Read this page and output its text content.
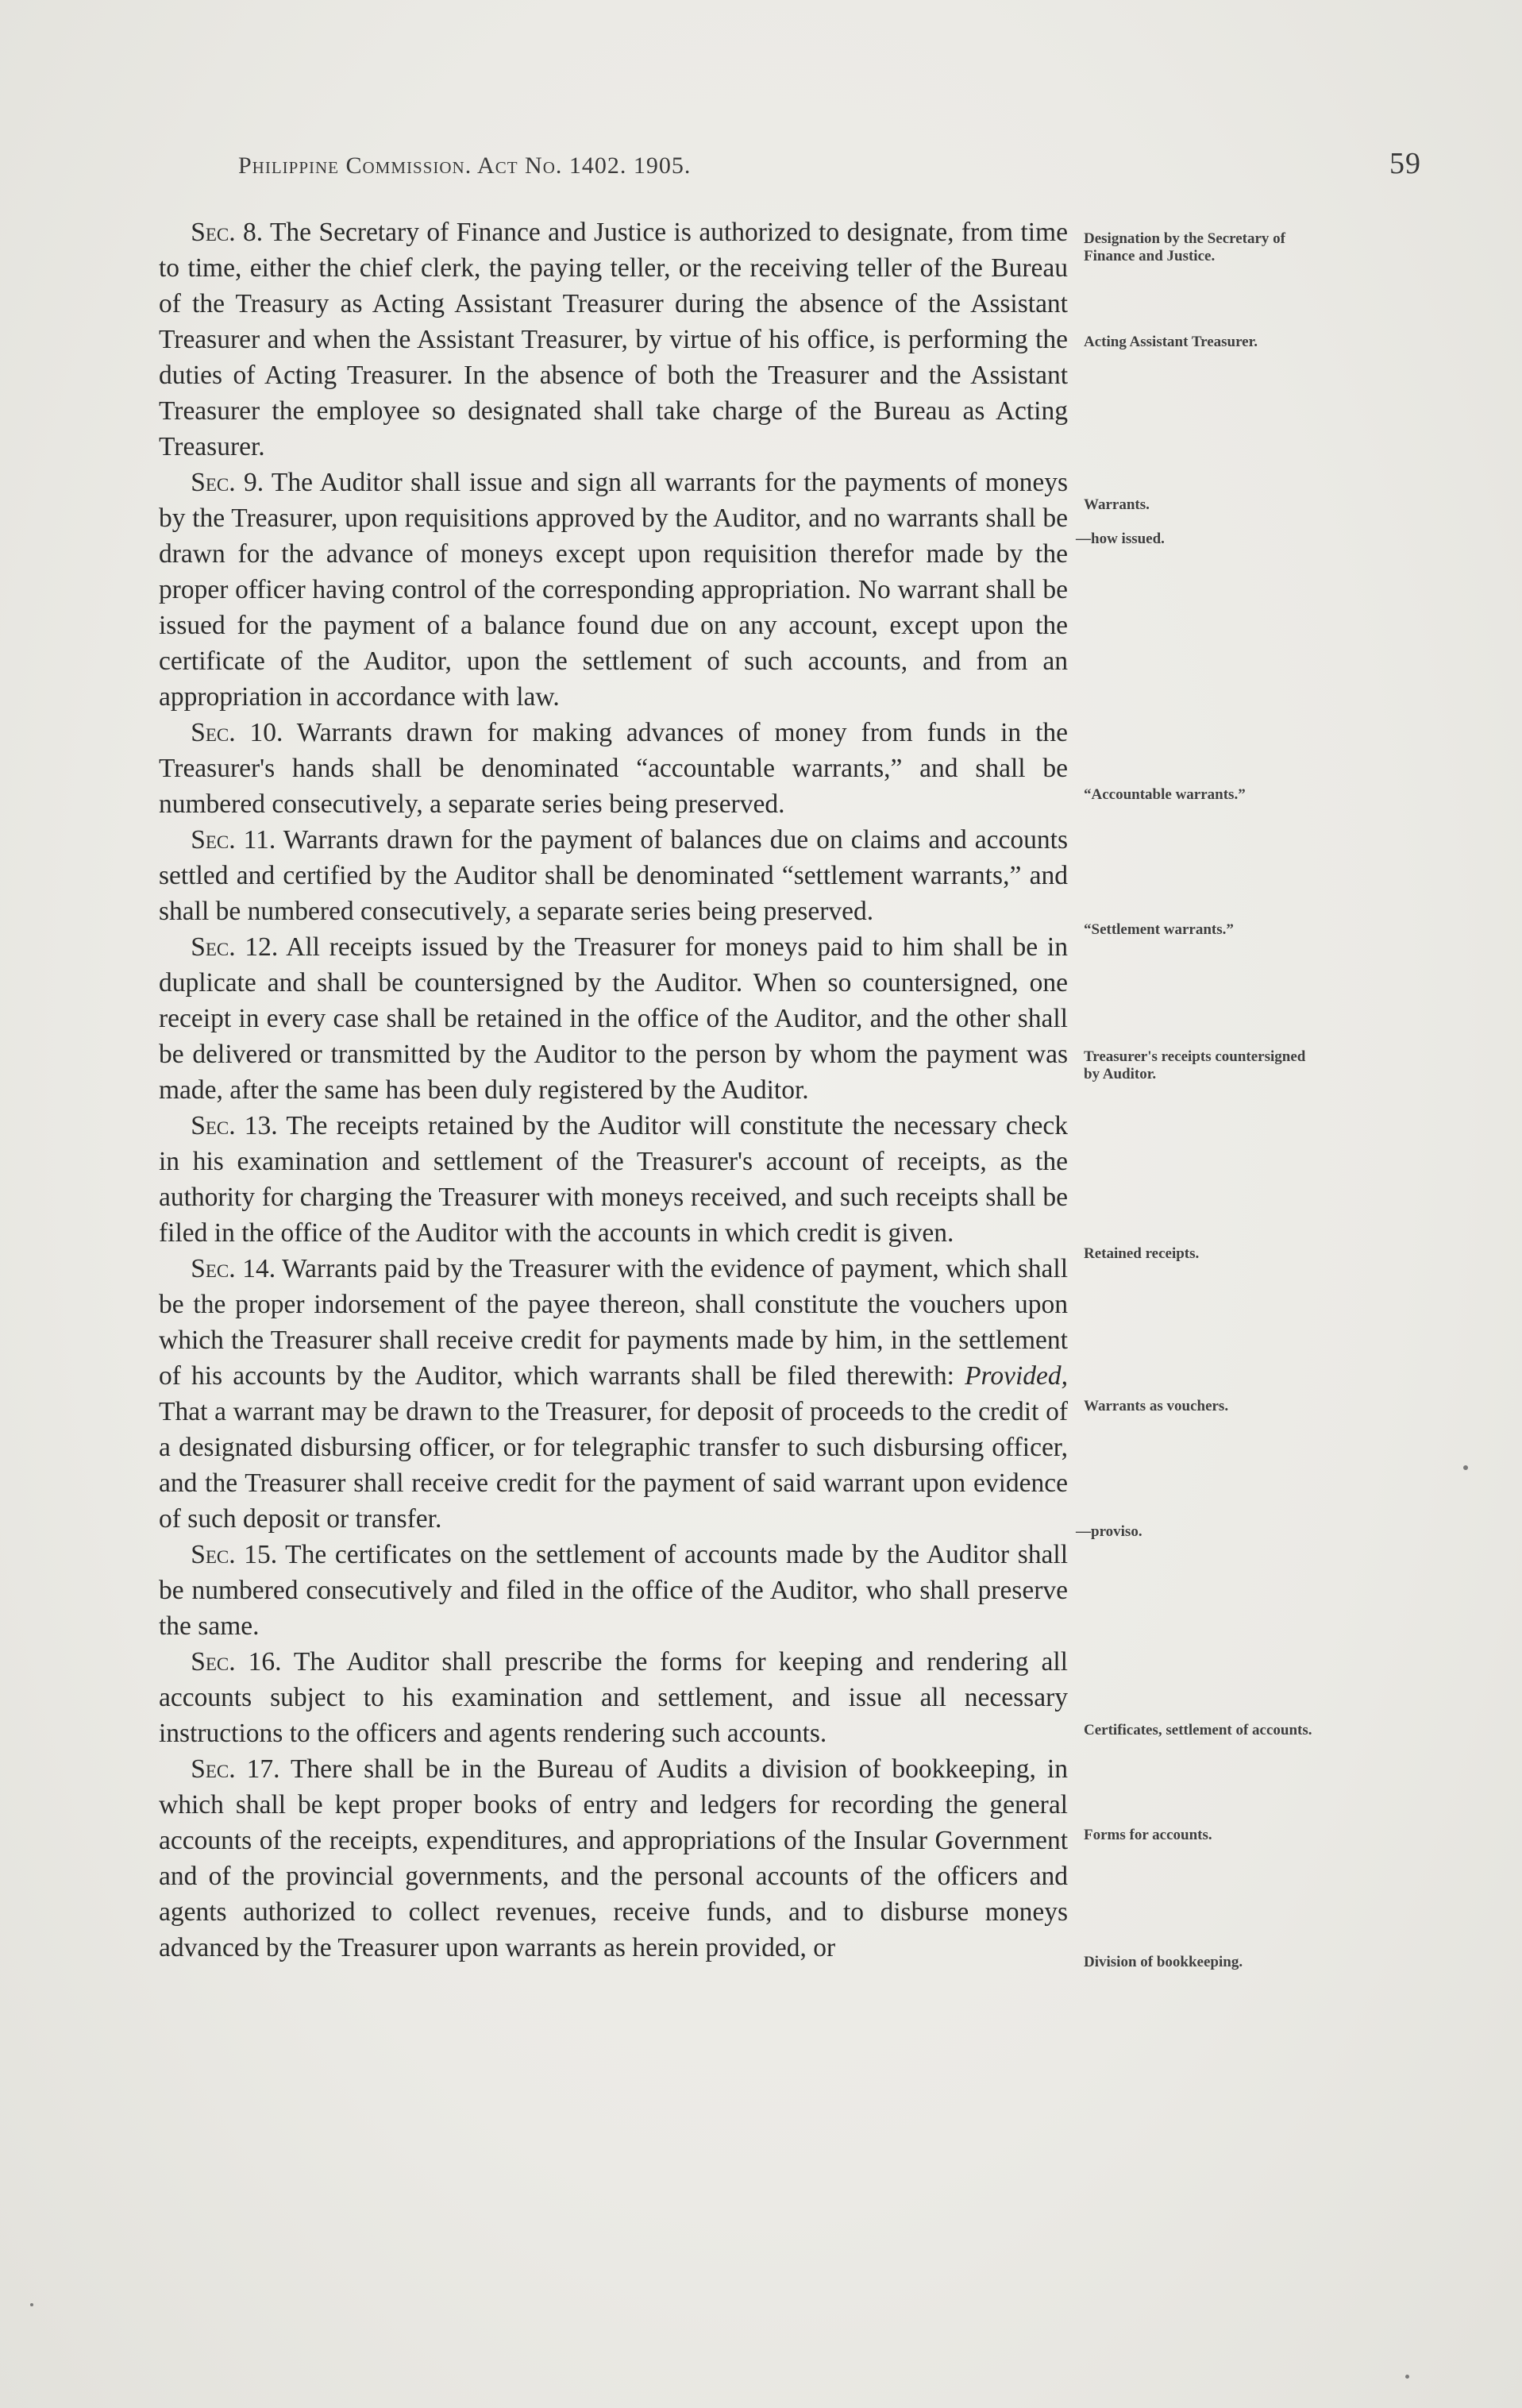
Philippine Commission. Act No. 1402. 1905.	59

Sec. 8. The Secretary of Finance and Justice is authorized to designate, from time to time, either the chief clerk, the paying teller, or the receiving teller of the Bureau of the Treasury as Acting Assistant Treasurer during the absence of the Assistant Treasurer and when the Assistant Treasurer, by virtue of his office, is performing the duties of Acting Treasurer. In the absence of both the Treasurer and the Assistant Treasurer the employee so designated shall take charge of the Bureau as Acting Treasurer.

Sec. 9. The Auditor shall issue and sign all warrants for the payments of moneys by the Treasurer, upon requisitions approved by the Auditor, and no warrants shall be drawn for the advance of moneys except upon requisition therefor made by the proper officer having control of the corresponding appropriation. No warrant shall be issued for the payment of a balance found due on any account, except upon the certificate of the Auditor, upon the settlement of such accounts, and from an appropriation in accordance with law.

Sec. 10. Warrants drawn for making advances of money from funds in the Treasurer's hands shall be denominated “accountable warrants,” and shall be numbered consecutively, a separate series being preserved.

Sec. 11. Warrants drawn for the payment of balances due on claims and accounts settled and certified by the Auditor shall be denominated “settlement warrants,” and shall be numbered consecutively, a separate series being preserved.

Sec. 12. All receipts issued by the Treasurer for moneys paid to him shall be in duplicate and shall be countersigned by the Auditor. When so countersigned, one receipt in every case shall be retained in the office of the Auditor, and the other shall be delivered or transmitted by the Auditor to the person by whom the payment was made, after the same has been duly registered by the Auditor.

Sec. 13. The receipts retained by the Auditor will constitute the necessary check in his examination and settlement of the Treasurer's account of receipts, as the authority for charging the Treasurer with moneys received, and such receipts shall be filed in the office of the Auditor with the accounts in which credit is given.

Sec. 14. Warrants paid by the Treasurer with the evidence of payment, which shall be the proper indorsement of the payee thereon, shall constitute the vouchers upon which the Treasurer shall receive credit for payments made by him, in the settlement of his accounts by the Auditor, which warrants shall be filed therewith: Provided, That a warrant may be drawn to the Treasurer, for deposit of proceeds to the credit of a designated disbursing officer, or for telegraphic transfer to such disbursing officer, and the Treasurer shall receive credit for the payment of said warrant upon evidence of such deposit or transfer.

Sec. 15. The certificates on the settlement of accounts made by the Auditor shall be numbered consecutively and filed in the office of the Auditor, who shall preserve the same.

Sec. 16. The Auditor shall prescribe the forms for keeping and rendering all accounts subject to his examination and settlement, and issue all necessary instructions to the officers and agents rendering such accounts.

Sec. 17. There shall be in the Bureau of Audits a division of bookkeeping, in which shall be kept proper books of entry and ledgers for recording the general accounts of the receipts, expenditures, and appropriations of the Insular Government and of the provincial governments, and the personal accounts of the officers and agents authorized to collect revenues, receive funds, and to disburse moneys advanced by the Treasurer upon warrants as herein provided, or

Designation by the Secretary of Finance and Justice.
Acting Assistant Treasurer.
Warrants.
—how issued.
“Accountable warrants.”
“Settlement warrants.”
Treasurer's receipts countersigned by Auditor.
Retained receipts.
Warrants as vouchers.
—proviso.
Certificates, settlement of accounts.
Forms for accounts.
Division of bookkeeping.
